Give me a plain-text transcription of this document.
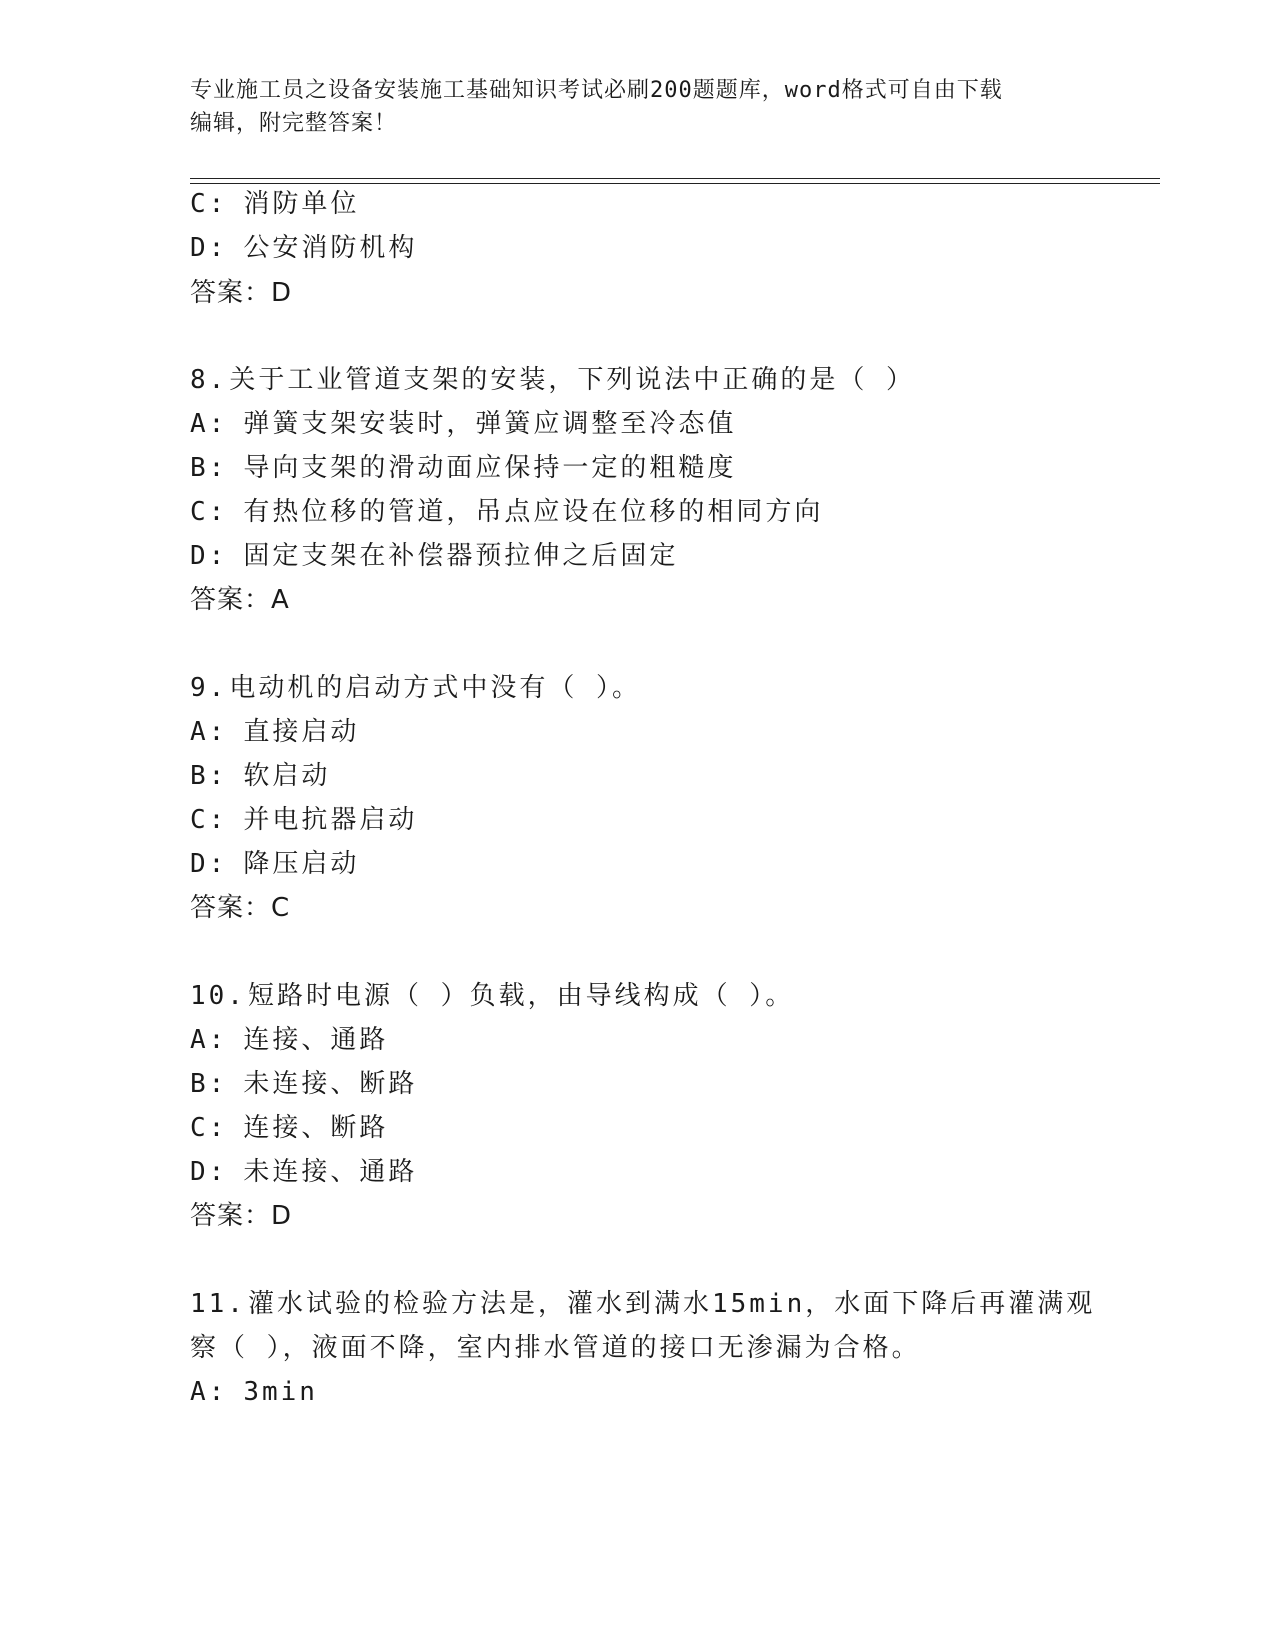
专业施工员之设备安装施工基础知识考试必刷200题题库，word格式可自由下载
编辑，附完整答案！
C: 消防单位
D: 公安消防机构
答案：D
8.关于工业管道支架的安装，下列说法中正确的是（ ）
A: 弹簧支架安装时，弹簧应调整至冷态值
B: 导向支架的滑动面应保持一定的粗糙度
C: 有热位移的管道，吊点应设在位移的相同方向
D: 固定支架在补偿器预拉伸之后固定
答案：A
9.电动机的启动方式中没有（ ）。
A: 直接启动
B: 软启动
C: 并电抗器启动
D: 降压启动
答案：C
10.短路时电源（ ）负载，由导线构成（ ）。
A: 连接、通路
B: 未连接、断路
C: 连接、断路
D: 未连接、通路
答案：D
11.灌水试验的检验方法是，灌水到满水15min，水面下降后再灌满观
察（ ），液面不降，室内排水管道的接口无渗漏为合格。
A: 3min
